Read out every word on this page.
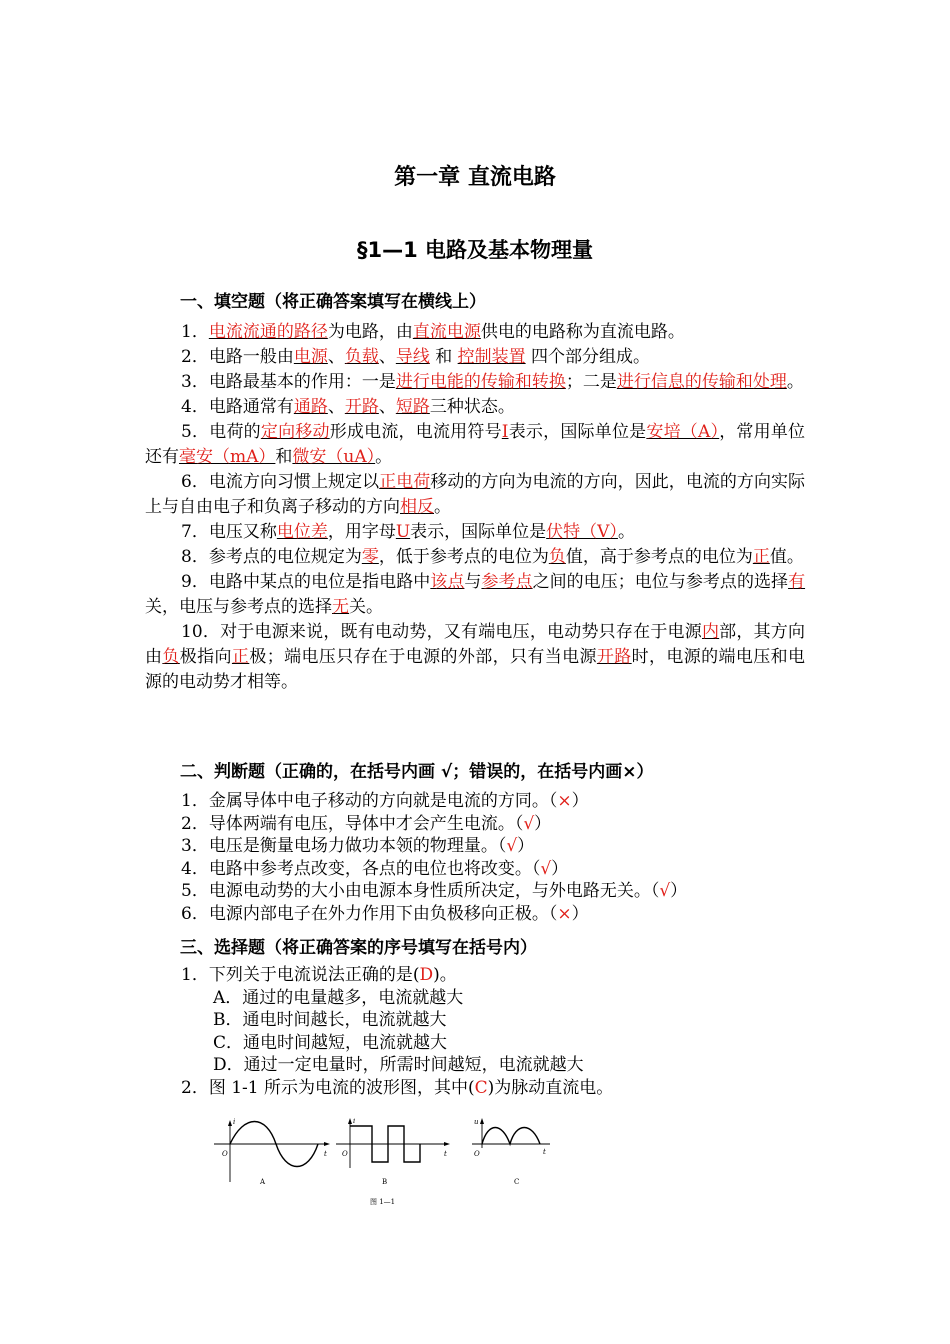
第一章 直流电路
§1—1 电路及基本物理量
一、填空题（将正确答案填写在横线上）

1．电流流通的路径为电路，由直流电源供电的电路称为直流电路。

2．电路一般由电源、负载、导线 和 控制装置 四个部分组成。

3．电路最基本的作用：一是进行电能的传输和转换；二是进行信息的传输和处理。

4．电路通常有通路、开路、短路三种状态。

5．电荷的定向移动形成电流，电流用符号I表示，国际单位是安培（A），常用单位还有毫安（mA）和微安（uA）。

6．电流方向习惯上规定以正电荷移动的方向为电流的方向，因此，电流的方向实际上与自由电子和负离子移动的方向相反。

7．电压又称电位差，用字母U表示，国际单位是伏特（V）。

8．参考点的电位规定为零，低于参考点的电位为负值，高于参考点的电位为正值。

9．电路中某点的电位是指电路中该点与参考点之间的电压；电位与参考点的选择有关，电压与参考点的选择无关。

10．对于电源来说，既有电动势，又有端电压，电动势只存在于电源内部，其方向由负极指向正极；端电压只存在于电源的外部，只有当电源开路时，电源的端电压和电源的电动势才相等。

二、判断题（正确的，在括号内画 √；错误的，在括号内画×）
1．金属导体中电子移动的方向就是电流的方同。（×）
2．导体两端有电压，导体中才会产生电流。（√）
3．电压是衡量电场力做功本领的物理量。（√）
4．电路中参考点改变，各点的电位也将改变。（√）
5．电源电动势的大小由电源本身性质所决定，与外电路无关。（√）
6．电源内部电子在外力作用下由负极移向正极。（×）
三、选择题（将正确答案的序号填写在括号内）
1．下列关于电流说法正确的是(D)。
A．通过的电量越多，电流就越大
B．通电时间越长，电流就越大
C．通电时间越短，电流就越大
D．通过一定电量时，所需时间越短，电流就越大
2．图 1-1 所示为电流的波形图，其中(C)为脉动直流电。
O
i
t
A
O
i
t
B
O
u
t
C
图 1—1
